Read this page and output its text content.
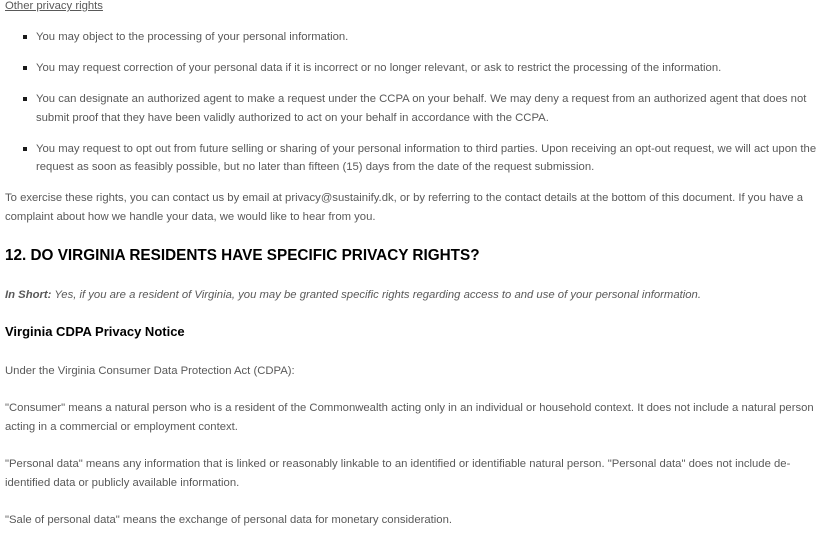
Other privacy rights
You may object to the processing of your personal information.
You may request correction of your personal data if it is incorrect or no longer relevant, or ask to restrict the processing of the information.
You can designate an authorized agent to make a request under the CCPA on your behalf. We may deny a request from an authorized agent that does not submit proof that they have been validly authorized to act on your behalf in accordance with the CCPA.
You may request to opt out from future selling or sharing of your personal information to third parties. Upon receiving an opt-out request, we will act upon the request as soon as feasibly possible, but no later than fifteen (15) days from the date of the request submission.

To exercise these rights, you can contact us by email at privacy@sustainify.dk, or by referring to the contact details at the bottom of this document. If you have a complaint about how we handle your data, we would like to hear from you.

12. DO VIRGINIA RESIDENTS HAVE SPECIFIC PRIVACY RIGHTS?

In Short: Yes, if you are a resident of Virginia, you may be granted specific rights regarding access to and use of your personal information.

Virginia CDPA Privacy Notice

Under the Virginia Consumer Data Protection Act (CDPA):

"Consumer" means a natural person who is a resident of the Commonwealth acting only in an individual or household context. It does not include a natural person acting in a commercial or employment context.

"Personal data" means any information that is linked or reasonably linkable to an identified or identifiable natural person. "Personal data" does not include de-identified data or publicly available information.

"Sale of personal data" means the exchange of personal data for monetary consideration.
